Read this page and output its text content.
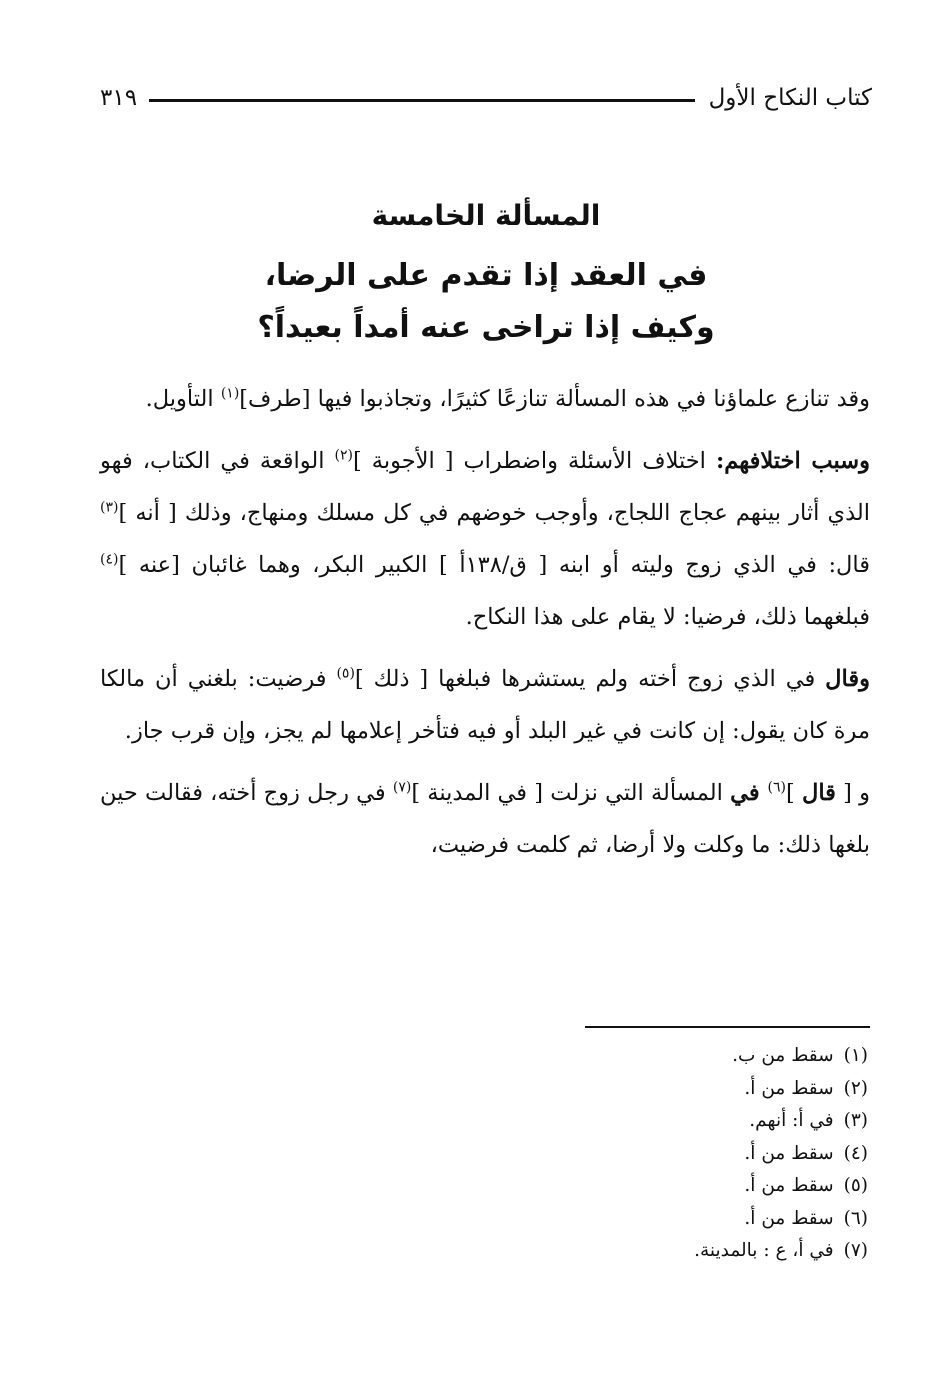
كتاب النكاح الأول
٣١٩
المسألة الخامسة
في العقد إذا تقدم على الرضا،
وكيف إذا تراخى عنه أمداً بعيداً؟

وقد تنازع علماؤنا في هذه المسألة تنازعًا كثيرًا، وتجاذبوا فيها [طرف]$^{(١)}$ التأويل.

وسبب اختلافهم: اختلاف الأسئلة واضطراب [ الأجوبة ]$^{(٢)}$ الواقعة في الكتاب، فهو الذي أثار بينهم عجاج اللجاج، وأوجب خوضهم في كل مسلك ومنهاج، وذلك [ أنه ]$^{(٣)}$ قال: في الذي زوج وليته أو ابنه [ ق/١٣٨أ ] الكبير البكر، وهما غائبان [عنه ]$^{(٤)}$ فبلغهما ذلك، فرضيا: لا يقام على هذا النكاح.

وقال في الذي زوج أخته ولم يستشرها فبلغها [ ذلك ]$^{(٥)}$ فرضيت: بلغني أن مالكا مرة كان يقول: إن كانت في غير البلد أو فيه فتأخر إعلامها لم يجز، وإن قرب جاز.

و [ قال ]$^{(٦)}$ في المسألة التي نزلت [ في المدينة ]$^{(٧)}$ في رجل زوج أخته، فقالت حين بلغها ذلك: ما وكلت ولا أرضا، ثم كلمت فرضيت،

(١)سقط من ب.
(٢)سقط من أ.
(٣)في أ: أنهم.
(٤)سقط من أ.
(٥)سقط من أ.
(٦)سقط من أ.
(٧)في أ، ع : بالمدينة.
